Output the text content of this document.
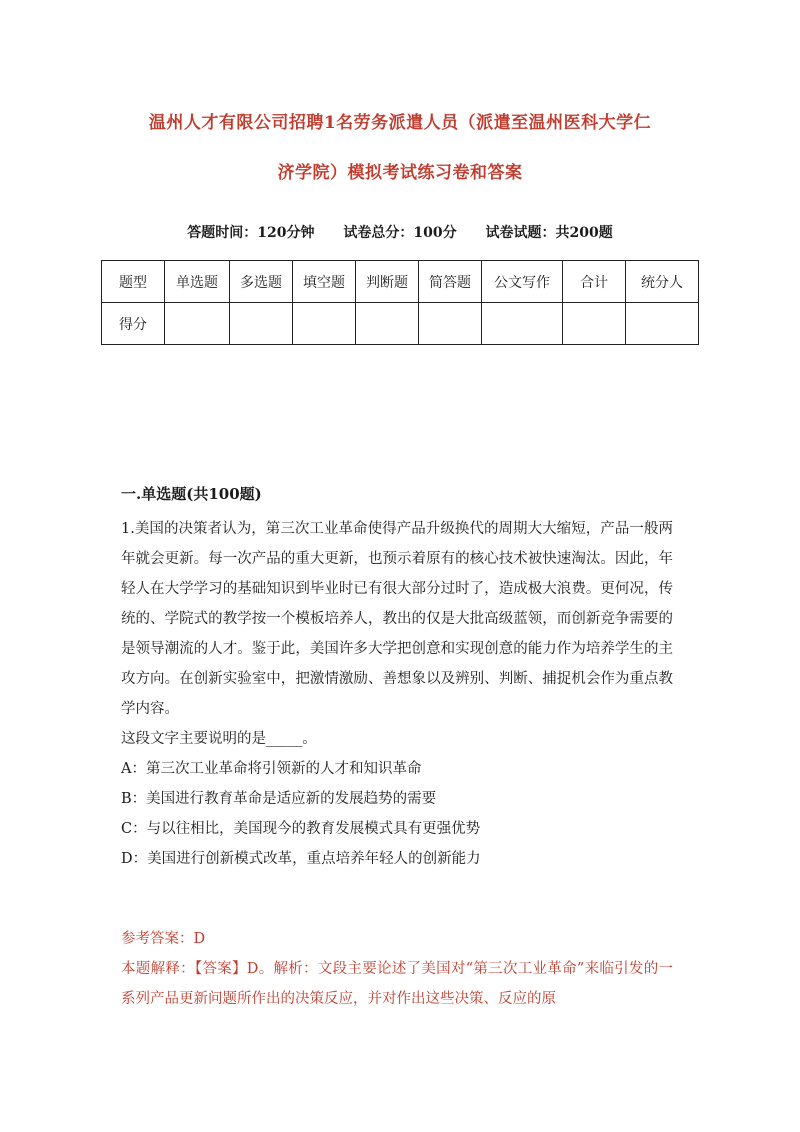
温州人才有限公司招聘1名劳务派遣人员（派遣至温州医科大学仁
济学院）模拟考试练习卷和答案
答题时间：120分钟 试卷总分：100分 试卷试题：共200题
题型	单选题	多选题	填空题	判断题	简答题	公文写作	合计	统分人
得分								
一.单选题(共100题)

1.美国的决策者认为，第三次工业革命使得产品升级换代的周期大大缩短，产品一般两年就会更新。每一次产品的重大更新，也预示着原有的核心技术被快速淘汰。因此，年轻人在大学学习的基础知识到毕业时已有很大部分过时了，造成极大浪费。更何况，传统的、学院式的教学按一个模板培养人，教出的仅是大批高级蓝领，而创新竞争需要的是领导潮流的人才。鉴于此，美国许多大学把创意和实现创意的能力作为培养学生的主攻方向。在创新实验室中，把激情激励、善想象以及辨别、判断、捕捉机会作为重点教学内容。

这段文字主要说明的是_____。

A：第三次工业革命将引领新的人才和知识革命

B：美国进行教育革命是适应新的发展趋势的需要

C：与以往相比，美国现今的教育发展模式具有更强优势

D：美国进行创新模式改革，重点培养年轻人的创新能力

参考答案：D

本题解释：【答案】D。解析：文段主要论述了美国对“第三次工业革命”来临引发的一系列产品更新问题所作出的决策反应，并对作出这些决策、反应的原
